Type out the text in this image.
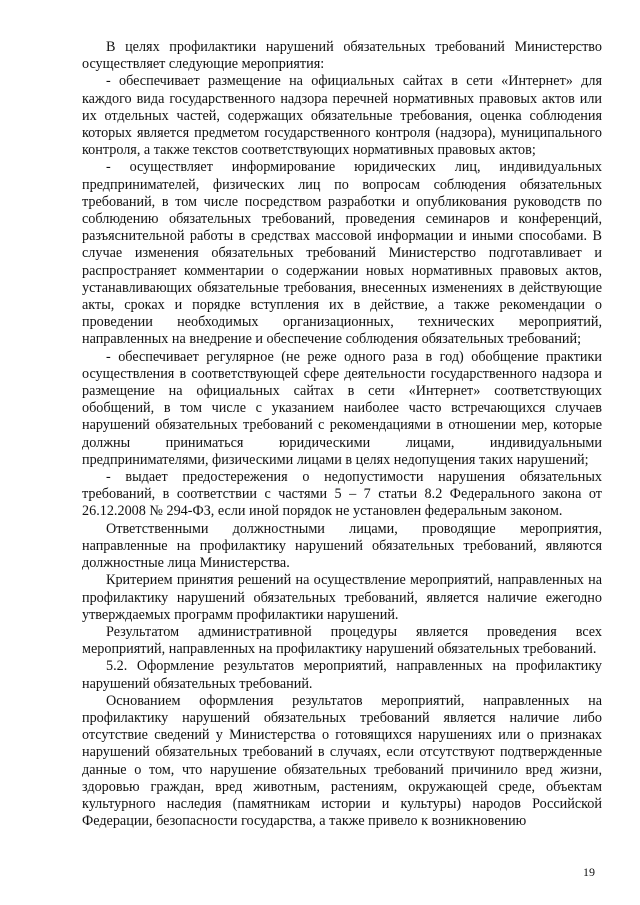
В целях профилактики нарушений обязательных требований Министерство осуществляет следующие мероприятия:

- обеспечивает размещение на официальных сайтах в сети «Интернет» для каждого вида государственного надзора перечней нормативных правовых актов или их отдельных частей, содержащих обязательные требования, оценка соблюдения которых является предметом государственного контроля (надзора), муниципального контроля, а также текстов соответствующих нормативных правовых актов;

- осуществляет информирование юридических лиц, индивидуальных предпринимателей, физических лиц по вопросам соблюдения обязательных требований, в том числе посредством разработки и опубликования руководств по соблюдению обязательных требований, проведения семинаров и конференций, разъяснительной работы в средствах массовой информации и иными способами. В случае изменения обязательных требований Министерство подготавливает и распространяет комментарии о содержании новых нормативных правовых актов, устанавливающих обязательные требования, внесенных изменениях в действующие акты, сроках и порядке вступления их в действие, а также рекомендации о проведении необходимых организационных, технических мероприятий, направленных на внедрение и обеспечение соблюдения обязательных требований;

- обеспечивает регулярное (не реже одного раза в год) обобщение практики осуществления в соответствующей сфере деятельности государственного надзора и размещение на официальных сайтах в сети «Интернет» соответствующих обобщений, в том числе с указанием наиболее часто встречающихся случаев нарушений обязательных требований с рекомендациями в отношении мер, которые должны приниматься юридическими лицами, индивидуальными предпринимателями, физическими лицами в целях недопущения таких нарушений;

- выдает предостережения о недопустимости нарушения обязательных требований, в соответствии с частями 5 – 7 статьи 8.2 Федерального закона от 26.12.2008 № 294-ФЗ, если иной порядок не установлен федеральным законом.

Ответственными должностными лицами, проводящие мероприятия, направленные на профилактику нарушений обязательных требований, являются должностные лица Министерства.

Критерием принятия решений на осуществление мероприятий, направленных на профилактику нарушений обязательных требований, является наличие ежегодно утверждаемых программ профилактики нарушений.

Результатом административной процедуры является проведения всех мероприятий, направленных на профилактику нарушений обязательных требований.

5.2. Оформление результатов мероприятий, направленных на профилактику нарушений обязательных требований.

Основанием оформления результатов мероприятий, направленных на профилактику нарушений обязательных требований является наличие либо отсутствие сведений у Министерства о готовящихся нарушениях или о признаках нарушений обязательных требований в случаях, если отсутствуют подтвержденные данные о том, что нарушение обязательных требований причинило вред жизни, здоровью граждан, вред животным, растениям, окружающей среде, объектам культурного наследия (памятникам истории и культуры) народов Российской Федерации, безопасности государства, а также привело к возникновению

19
